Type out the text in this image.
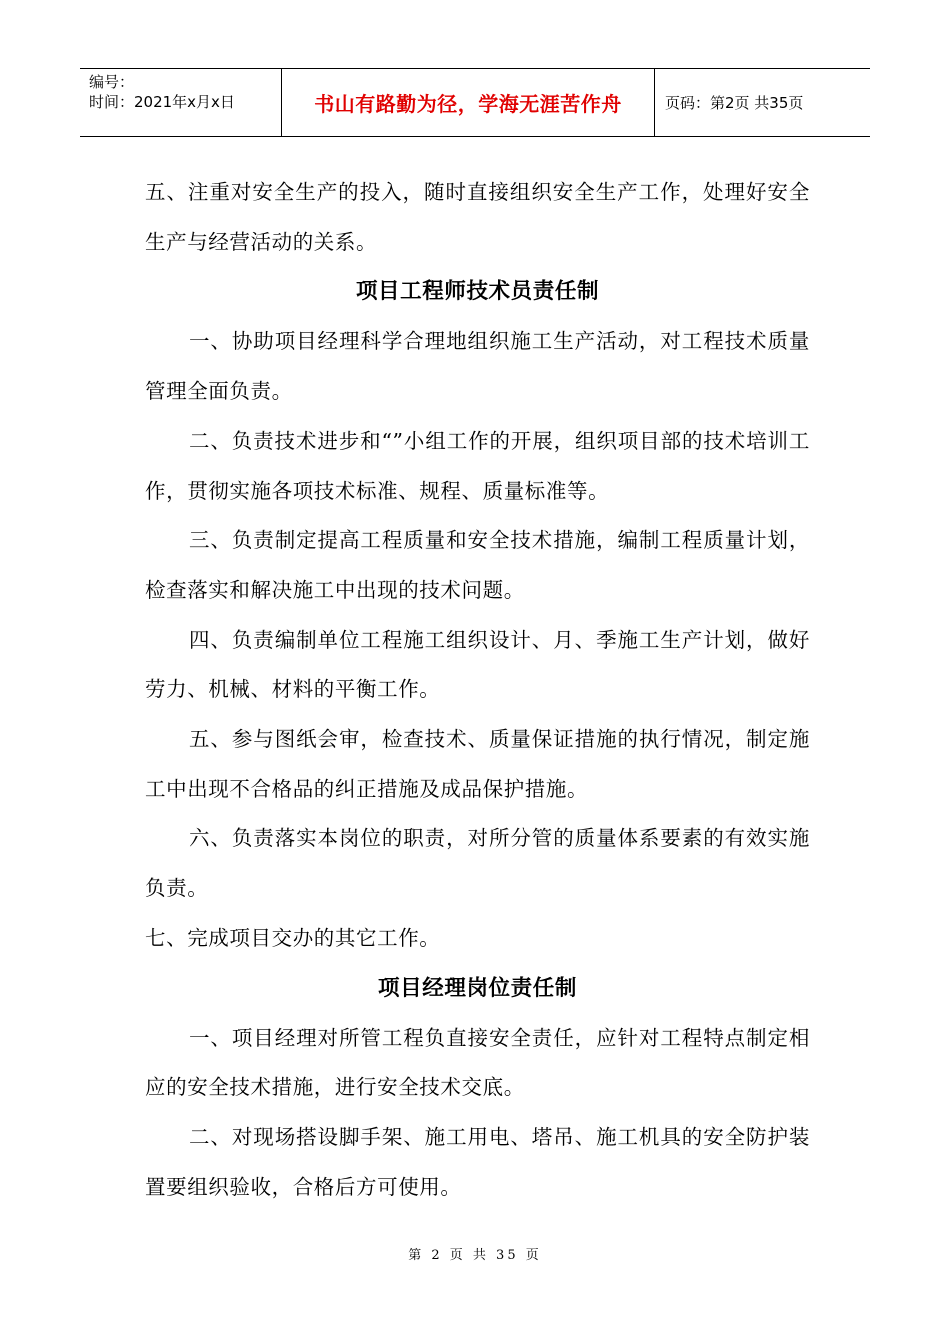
编号：
时间：2021年x月x日	书山有路勤为径，学海无涯苦作舟	页码：第2页 共35页

五、注重对安全生产的投入，随时直接组织安全生产工作，处理好安全生产与经营活动的关系。

项目工程师技术员责任制

一、协助项目经理科学合理地组织施工生产活动，对工程技术质量管理全面负责。

二、负责技术进步和“”小组工作的开展，组织项目部的技术培训工作，贯彻实施各项技术标准、规程、质量标准等。

三、负责制定提高工程质量和安全技术措施，编制工程质量计划，检查落实和解决施工中出现的技术问题。

四、负责编制单位工程施工组织设计、月、季施工生产计划，做好劳力、机械、材料的平衡工作。

五、参与图纸会审，检查技术、质量保证措施的执行情况，制定施工中出现不合格品的纠正措施及成品保护措施。

六、负责落实本岗位的职责，对所分管的质量体系要素的有效实施负责。

七、完成项目交办的其它工作。

项目经理岗位责任制

一、项目经理对所管工程负直接安全责任，应针对工程特点制定相应的安全技术措施，进行安全技术交底。

二、对现场搭设脚手架、施工用电、塔吊、施工机具的安全防护装置要组织验收，合格后方可使用。

第 2 页 共 35 页
